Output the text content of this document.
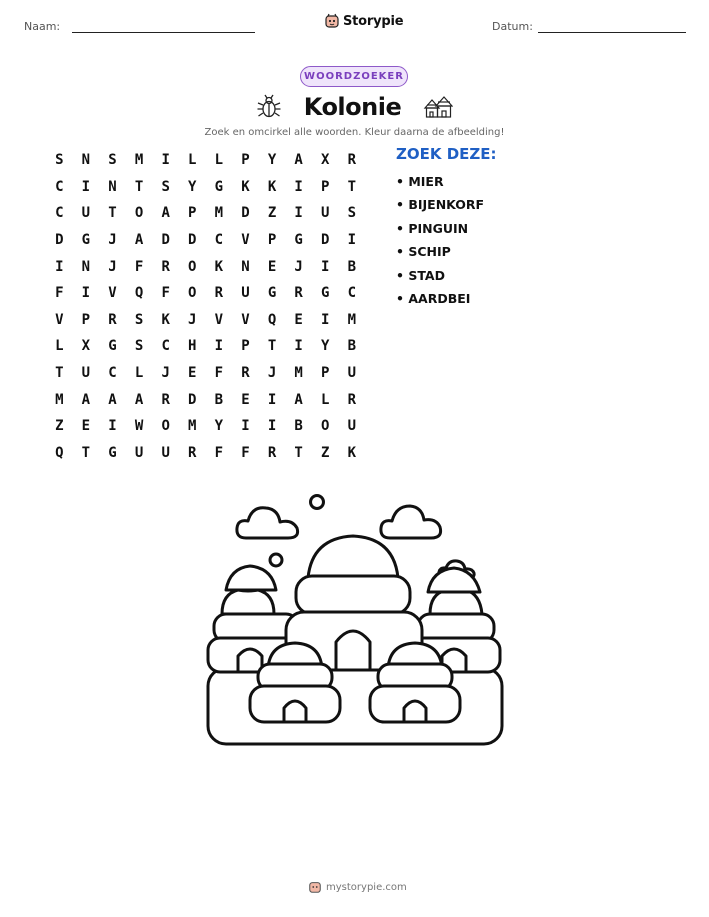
Naam:	Storypie	Datum:
WOORDZOEKER
Kolonie
Zoek en omcirkel alle woorden. Kleur daarna de afbeelding!
S	N	S	M	I	L	L	P	Y	A	X	R
C	I	N	T	S	Y	G	K	K	I	P	T
C	U	T	O	A	P	M	D	Z	I	U	S
D	G	J	A	D	D	C	V	P	G	D	I
I	N	J	F	R	O	K	N	E	J	I	B
F	I	V	Q	F	O	R	U	G	R	G	C
V	P	R	S	K	J	V	V	Q	E	I	M
L	X	G	S	C	H	I	P	T	I	Y	B
T	U	C	L	J	E	F	R	J	M	P	U
M	A	A	A	R	D	B	E	I	A	L	R
Z	E	I	W	O	M	Y	I	I	B	O	U
Q	T	G	U	U	R	F	F	R	T	Z	K
ZOEK DEZE:
• MIER
• BIJENKORF
• PINGUIN
• SCHIP
• STAD
• AARDBEI
mystorypie.com
